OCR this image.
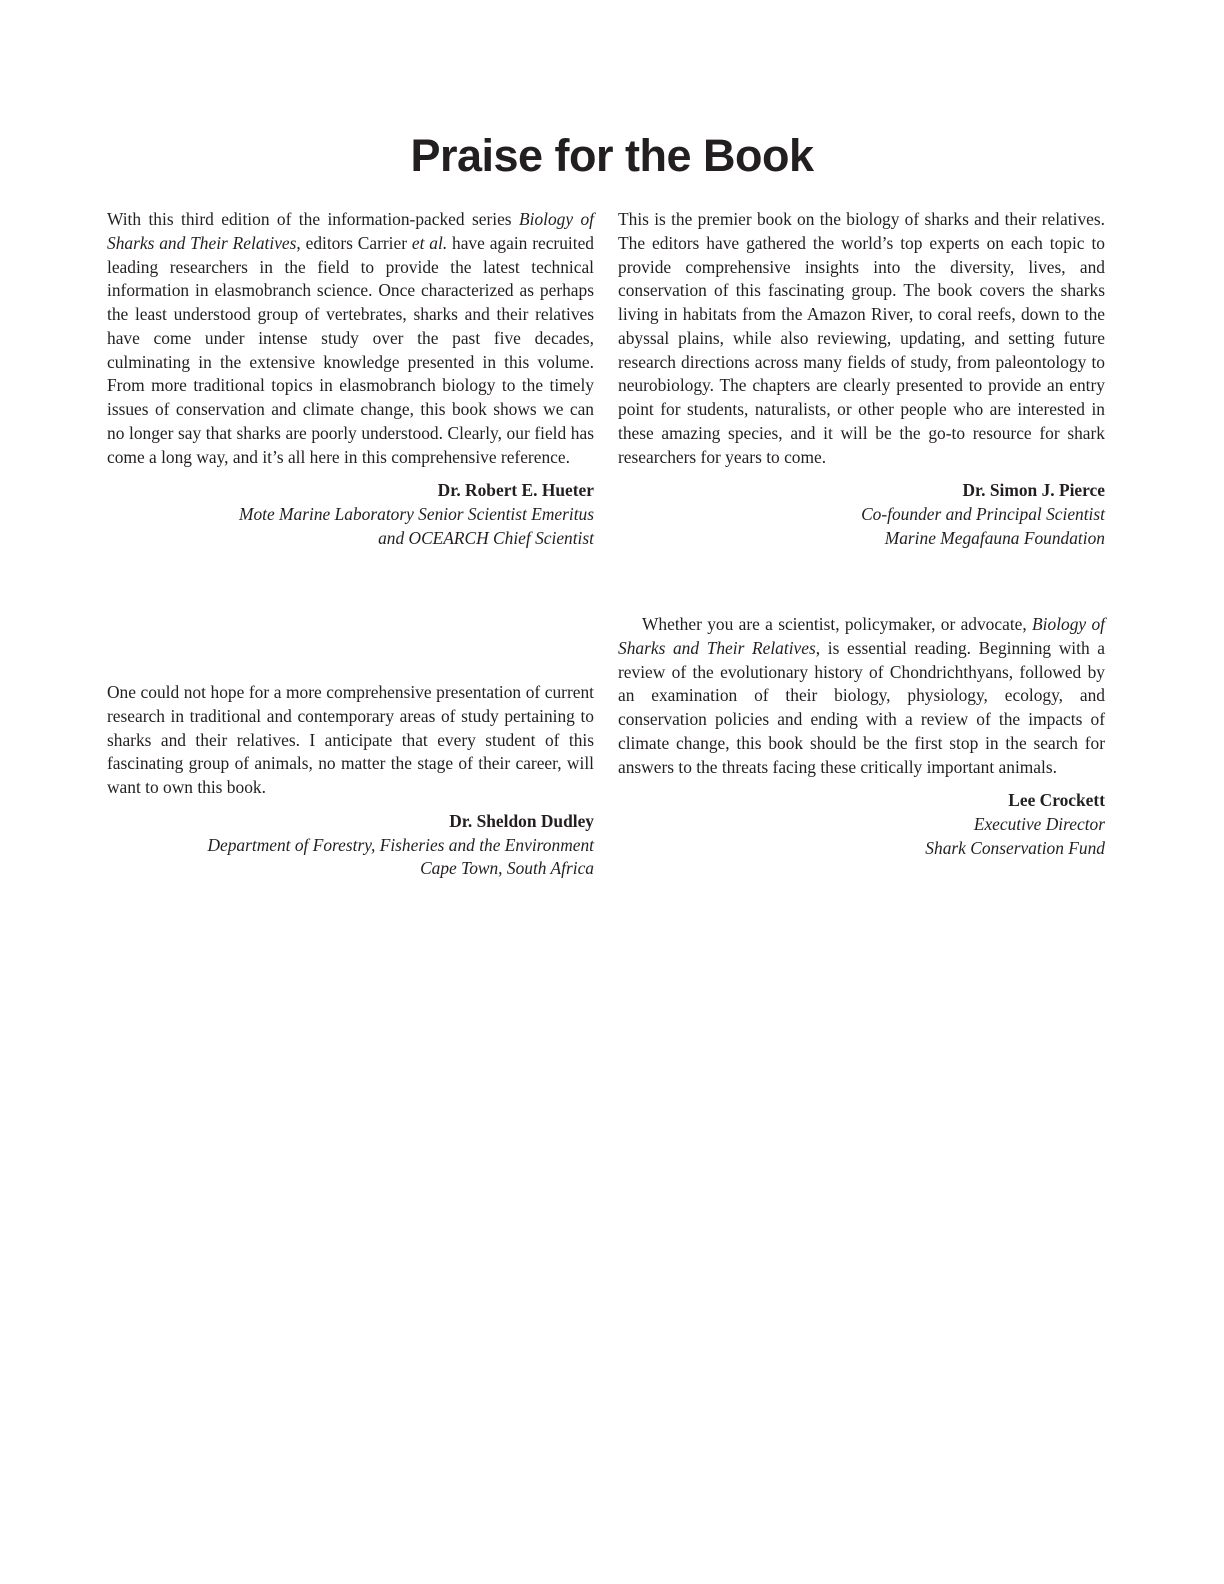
Praise for the Book

With this third edition of the information-packed series Biology of Sharks and Their Relatives, editors Carrier et al. have again recruited leading researchers in the field to provide the latest technical information in elasmobranch science. Once characterized as perhaps the least understood group of vertebrates, sharks and their relatives have come under intense study over the past five decades, culminating in the extensive knowledge presented in this volume. From more traditional topics in elasmobranch biology to the timely issues of conservation and climate change, this book shows we can no longer say that sharks are poorly understood. Clearly, our field has come a long way, and it’s all here in this comprehensive reference.

Dr. Robert E. Hueter
Mote Marine Laboratory Senior Scientist Emeritus
and OCEARCH Chief Scientist

One could not hope for a more comprehensive presentation of current research in traditional and contemporary areas of study pertaining to sharks and their relatives. I anticipate that every student of this fascinating group of animals, no matter the stage of their career, will want to own this book.

Dr. Sheldon Dudley
Department of Forestry, Fisheries and the Environment
Cape Town, South Africa

This is the premier book on the biology of sharks and their relatives. The editors have gathered the world’s top experts on each topic to provide comprehensive insights into the diversity, lives, and conservation of this fascinating group. The book covers the sharks living in habitats from the Amazon River, to coral reefs, down to the abyssal plains, while also reviewing, updating, and setting future research directions across many fields of study, from paleontology to neurobiology. The chapters are clearly presented to provide an entry point for students, naturalists, or other people who are interested in these amazing species, and it will be the go-to resource for shark researchers for years to come.

Dr. Simon J. Pierce
Co-founder and Principal Scientist
Marine Megafauna Foundation

Whether you are a scientist, policymaker, or advocate, Biology of Sharks and Their Relatives, is essential reading. Beginning with a review of the evolutionary history of Chondrichthyans, followed by an examination of their biology, physiology, ecology, and conservation policies and ending with a review of the impacts of climate change, this book should be the first stop in the search for answers to the threats facing these critically important animals.

Lee Crockett
Executive Director
Shark Conservation Fund
